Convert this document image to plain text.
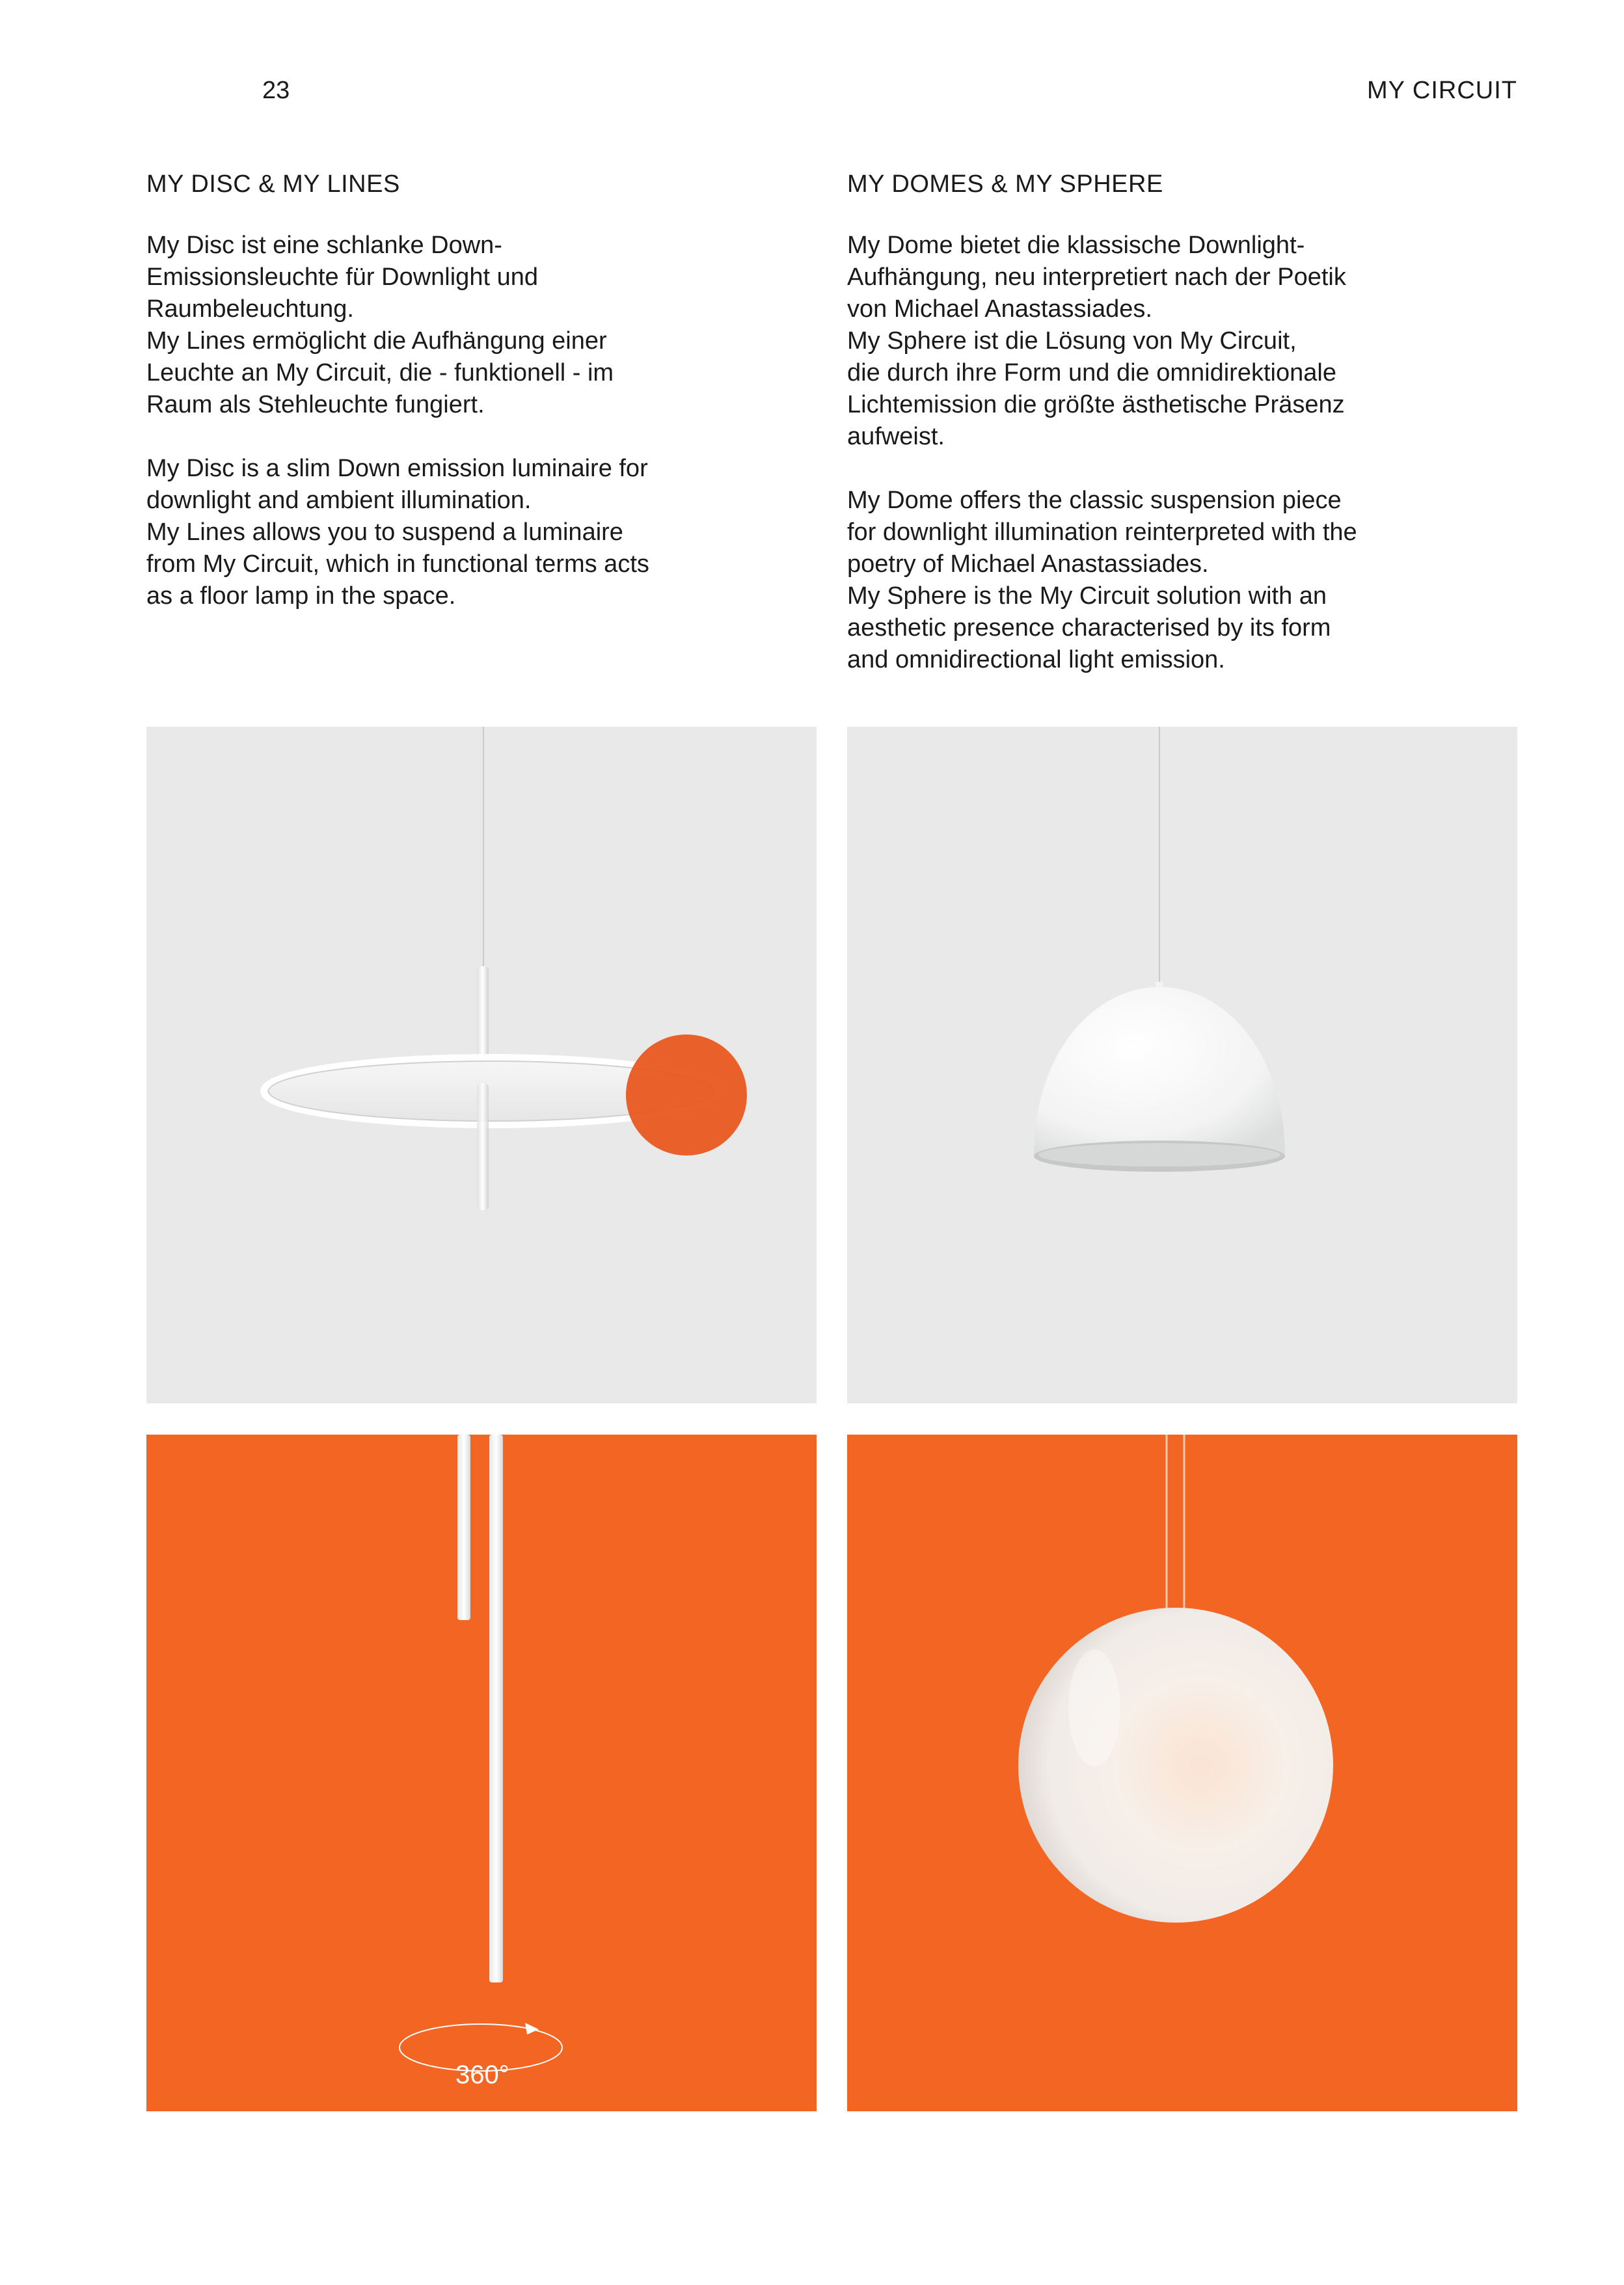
23	MY CIRCUIT

MY DISC & MY LINES

My Disc ist eine schlanke Down-
Emissionsleuchte für Downlight und
Raumbeleuchtung.
My Lines ermöglicht die Aufhängung einer
Leuchte an My Circuit, die - funktionell - im
Raum als Stehleuchte fungiert.

My Disc is a slim Down emission luminaire for
downlight and ambient illumination.
My Lines allows you to suspend a luminaire
from My Circuit, which in functional terms acts
as a floor lamp in the space.

MY DOMES & MY SPHERE

My Dome bietet die klassische Downlight-
Aufhängung, neu interpretiert nach der Poetik
von Michael Anastassiades.
My Sphere ist die Lösung von My Circuit,
die durch ihre Form und die omnidirektionale
Lichtemission die größte ästhetische Präsenz
aufweist.

My Dome offers the classic suspension piece
for downlight illumination reinterpreted with the
poetry of Michael Anastassiades.
My Sphere is the My Circuit solution with an
aesthetic presence characterised by its form
and omnidirectional light emission.

360°
